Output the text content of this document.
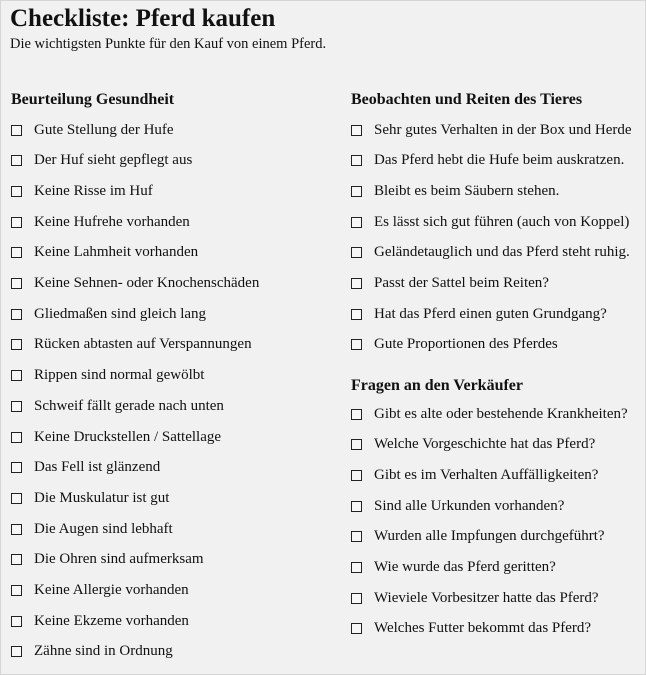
Checkliste: Pferd kaufen
Die wichtigsten Punkte für den Kauf von einem Pferd.
Beurteilung Gesundheit
Gute Stellung der Hufe
Der Huf sieht gepflegt aus
Keine Risse im Huf
Keine Hufrehe vorhanden
Keine Lahmheit vorhanden
Keine Sehnen- oder Knochenschäden
Gliedmaßen sind gleich lang
Rücken abtasten auf Verspannungen
Rippen sind normal gewölbt
Schweif fällt gerade nach unten
Keine Druckstellen / Sattellage
Das Fell ist glänzend
Die Muskulatur ist gut
Die Augen sind lebhaft
Die Ohren sind aufmerksam
Keine Allergie vorhanden
Keine Ekzeme vorhanden
Zähne sind in Ordnung
Beobachten und Reiten des Tieres
Sehr gutes Verhalten in der Box und Herde
Das Pferd hebt die Hufe beim auskratzen.
Bleibt es beim Säubern stehen.
Es lässt sich gut führen (auch von Koppel)
Geländetauglich und das Pferd steht ruhig.
Passt der Sattel beim Reiten?
Hat das Pferd einen guten Grundgang?
Gute Proportionen des Pferdes
Fragen an den Verkäufer
Gibt es alte oder bestehende Krankheiten?
Welche Vorgeschichte hat das Pferd?
Gibt es im Verhalten Auffälligkeiten?
Sind alle Urkunden vorhanden?
Wurden alle Impfungen durchgeführt?
Wie wurde das Pferd geritten?
Wieviele Vorbesitzer hatte das Pferd?
Welches Futter bekommt das Pferd?
